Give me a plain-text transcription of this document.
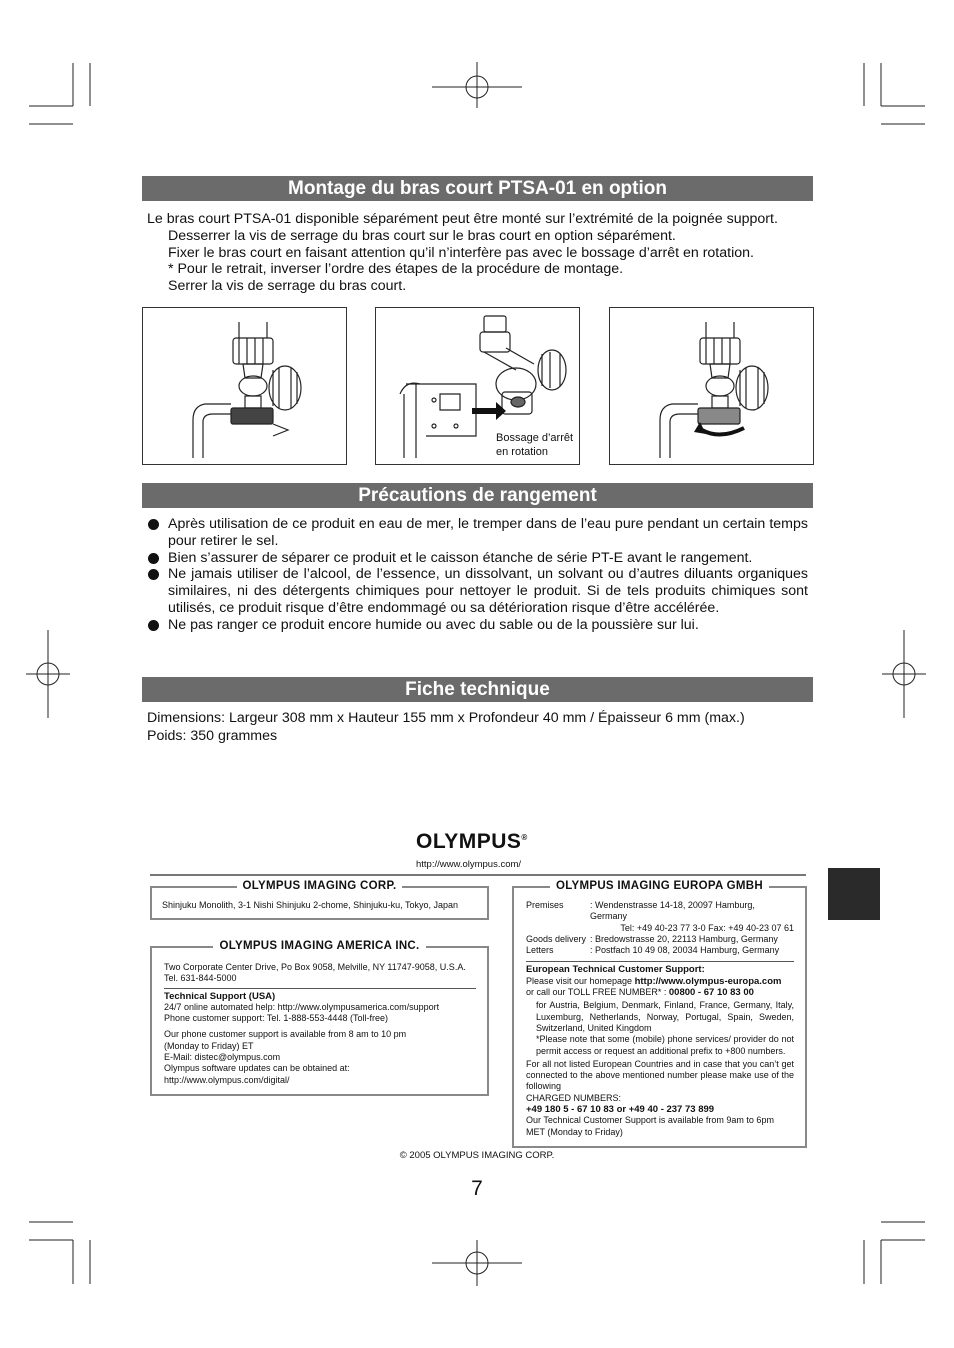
Montage du bras court PTSA-01 en option
Le bras court PTSA-01 disponible séparément peut être monté sur l’extrémité de la poignée support.
Desserrer la vis de serrage du bras court sur le bras court en option séparément.
Fixer le bras court en faisant attention qu’il n’interfère pas avec le bossage d’arrêt en rotation.
* Pour le retrait, inverser l’ordre des étapes de la procédure de montage.
Serrer la vis de serrage du bras court.
Bossage d’arrêt
en rotation
Précautions de rangement
Après utilisation de ce produit en eau de mer, le tremper dans de l’eau pure pendant un certain temps pour retirer le sel.
Bien s’assurer de séparer ce produit et le caisson étanche de série PT-E avant le rangement.
Ne jamais utiliser de l’alcool, de l’essence, un dissolvant, un solvant ou d’autres diluants organiques similaires, ni des détergents chimiques pour nettoyer le produit. Si de tels produits chimiques sont utilisés, ce produit risque d’être endommagé ou sa détérioration risque d’être accélérée.
Ne pas ranger ce produit encore humide ou avec du sable ou de la poussière sur lui.
Fiche technique
Dimensions: Largeur 308 mm x Hauteur 155 mm x Profondeur 40 mm / Épaisseur 6 mm (max.)
Poids: 350 grammes
OLYMPUS®
http://www.olympus.com/
OLYMPUS IMAGING CORP.
Shinjuku Monolith, 3-1 Nishi Shinjuku 2-chome, Shinjuku-ku, Tokyo, Japan
OLYMPUS IMAGING AMERICA INC.
Two Corporate Center Drive, Po Box 9058, Melville, NY 11747-9058, U.S.A.
Tel. 631-844-5000
Technical Support (USA)
24/7 online automated help: http://www.olympusamerica.com/support
Phone customer support: Tel. 1-888-553-4448 (Toll-free)
Our phone customer support is available from 8 am to 10 pm
(Monday to Friday) ET
E-Mail: distec@olympus.com
Olympus software updates can be obtained at:
http://www.olympus.com/digital/
OLYMPUS IMAGING EUROPA GMBH
Premises	: Wendenstrasse 14-18, 20097 Hamburg, Germany
Tel: +49 40-23 77 3-0 Fax: +49 40-23 07 61
Goods delivery : Bredowstrasse 20, 22113 Hamburg, Germany
Letters	: Postfach 10 49 08, 20034 Hamburg, Germany
European Technical Customer Support:
Please visit our homepage http://www.olympus-europa.com
or call our TOLL FREE NUMBER* : 00800 - 67 10 83 00
for Austria, Belgium, Denmark, Finland, France, Germany, Italy, Luxemburg, Netherlands, Norway, Portugal, Spain, Sweden, Switzerland, United Kingdom
*Please note that some (mobile) phone services/ provider do not permit access or request an additional prefix to +800 numbers.
For all not listed European Countries and in case that you can’t get connected to the above mentioned number please make use of the following
CHARGED NUMBERS:
+49 180 5 - 67 10 83 or +49 40 - 237 73 899
Our Technical Customer Support is available from 9am to 6pm MET (Monday to Friday)
© 2005 OLYMPUS IMAGING CORP.
7
